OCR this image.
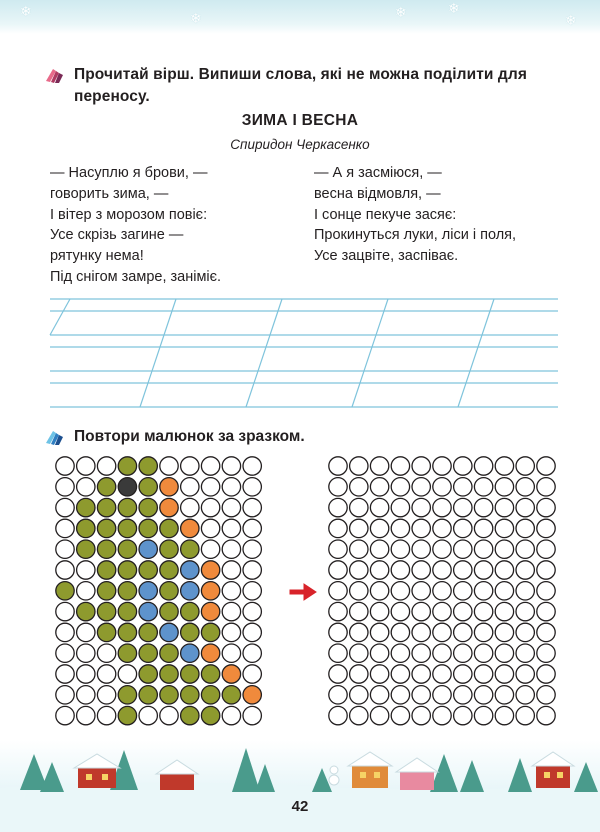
❄	❄	❄	❄
❄
Прочитай вірш. Випиши слова, які не можна поділити для переносу.
ЗИМА І ВЕСНА
Спиридон Черкасенко
— Насуплю я брови, —
говорить зима, —
І вітер з морозом повіє:
Усе скрізь загине —
рятунку нема!
Під снігом замре, заніміє.
— А я засміюся, —
весна відмовля, —
І сонце пекуче засяє:
Прокинуться луки, ліси і поля,
Усе зацвіте, заспіває.
Повтори малюнок за зразком.
42
